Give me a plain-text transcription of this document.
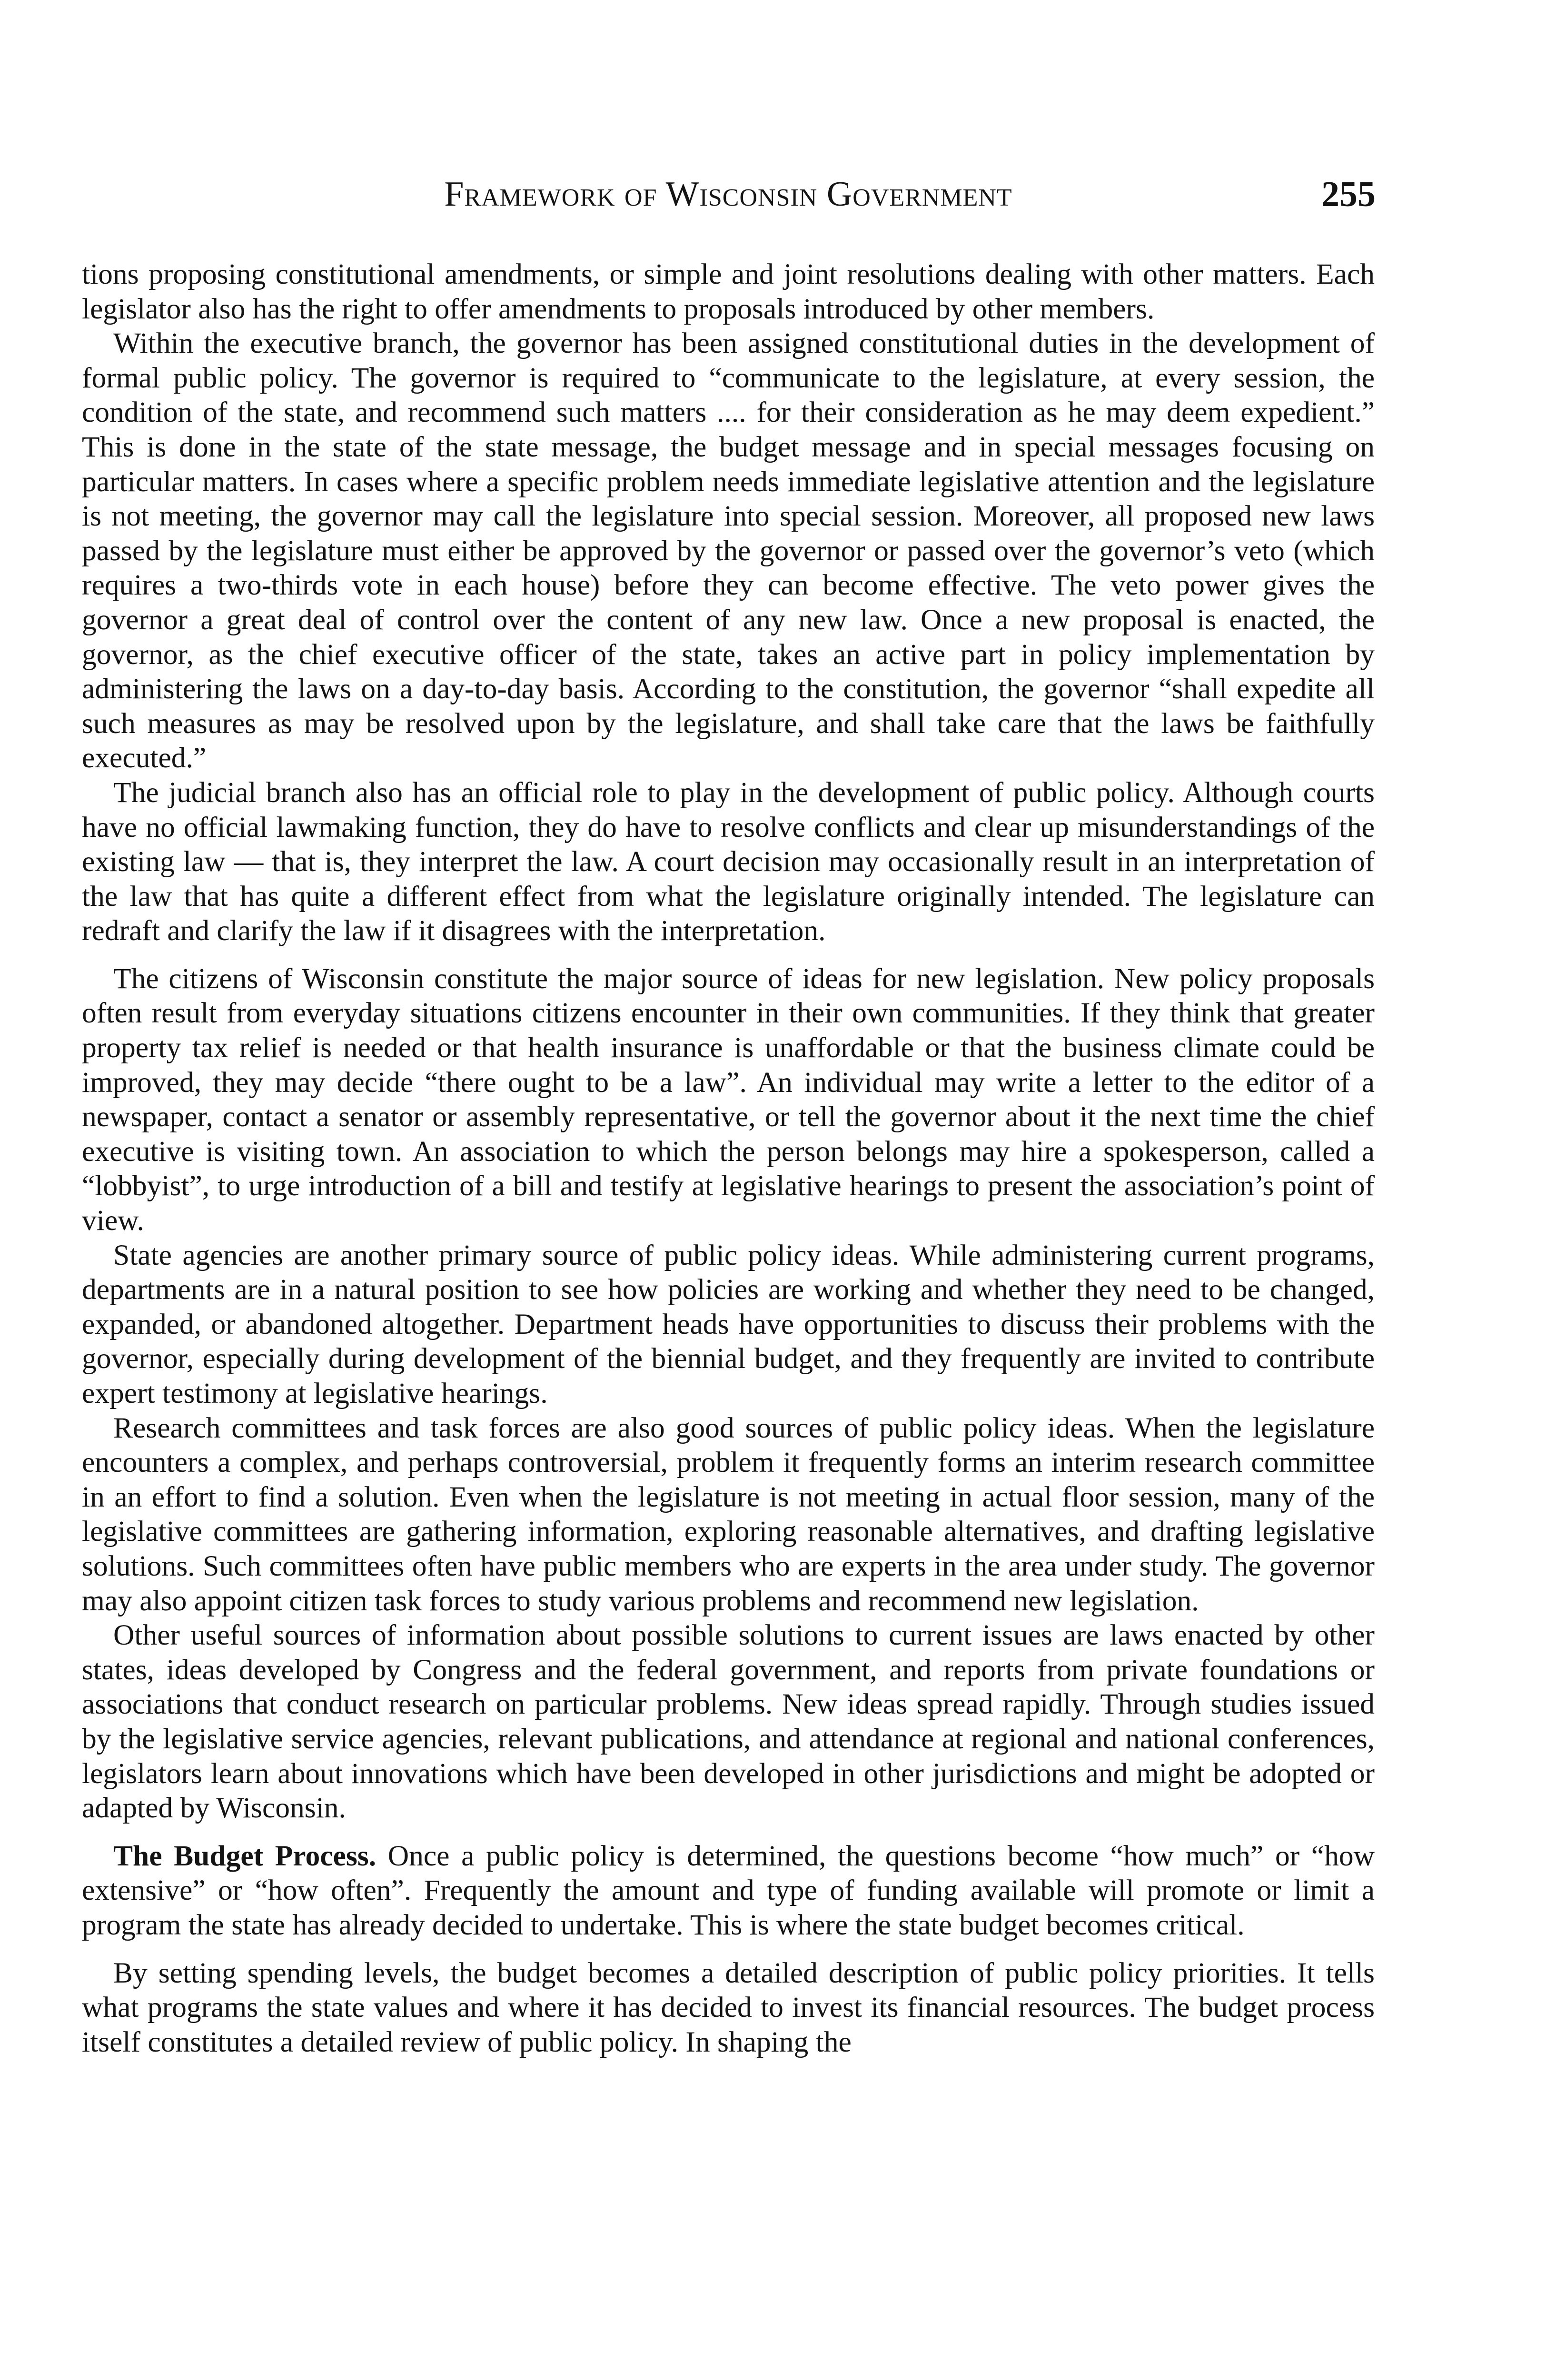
Framework of Wisconsin Government	255

tions proposing constitutional amendments, or simple and joint resolutions dealing with other matters. Each legislator also has the right to offer amendments to proposals introduced by other members.

Within the executive branch, the governor has been assigned constitutional duties in the development of formal public policy. The governor is required to “communicate to the legislature, at every session, the condition of the state, and recommend such matters .... for their consideration as he may deem expedient.” This is done in the state of the state message, the budget message and in special messages focusing on particular matters. In cases where a specific problem needs immediate legislative attention and the legislature is not meeting, the governor may call the legislature into special session. Moreover, all proposed new laws passed by the legislature must either be approved by the governor or passed over the governor’s veto (which requires a two-thirds vote in each house) before they can become effective. The veto power gives the governor a great deal of control over the content of any new law. Once a new proposal is enacted, the governor, as the chief executive officer of the state, takes an active part in policy implementation by administering the laws on a day-to-day basis. According to the constitution, the governor “shall expedite all such measures as may be resolved upon by the legislature, and shall take care that the laws be faithfully executed.”

The judicial branch also has an official role to play in the development of public policy. Although courts have no official lawmaking function, they do have to resolve conflicts and clear up misunderstandings of the existing law — that is, they interpret the law. A court decision may occasionally result in an interpretation of the law that has quite a different effect from what the legislature originally intended. The legislature can redraft and clarify the law if it disagrees with the interpretation.

The citizens of Wisconsin constitute the major source of ideas for new legislation. New policy proposals often result from everyday situations citizens encounter in their own communities. If they think that greater property tax relief is needed or that health insurance is unaffordable or that the business climate could be improved, they may decide “there ought to be a law”. An individual may write a letter to the editor of a newspaper, contact a senator or assembly representative, or tell the governor about it the next time the chief executive is visiting town. An association to which the person belongs may hire a spokesperson, called a “lobbyist”, to urge introduction of a bill and testify at legislative hearings to present the association’s point of view.

State agencies are another primary source of public policy ideas. While administering current programs, departments are in a natural position to see how policies are working and whether they need to be changed, expanded, or abandoned altogether. Department heads have opportunities to discuss their problems with the governor, especially during development of the biennial budget, and they frequently are invited to contribute expert testimony at legislative hearings.

Research committees and task forces are also good sources of public policy ideas. When the legislature encounters a complex, and perhaps controversial, problem it frequently forms an interim research committee in an effort to find a solution. Even when the legislature is not meeting in actual floor session, many of the legislative committees are gathering information, exploring reasonable alternatives, and drafting legislative solutions. Such committees often have public members who are experts in the area under study. The governor may also appoint citizen task forces to study various problems and recommend new legislation.

Other useful sources of information about possible solutions to current issues are laws enacted by other states, ideas developed by Congress and the federal government, and reports from private foundations or associations that conduct research on particular problems. New ideas spread rapidly. Through studies issued by the legislative service agencies, relevant publications, and attendance at regional and national conferences, legislators learn about innovations which have been developed in other jurisdictions and might be adopted or adapted by Wisconsin.

The Budget Process. Once a public policy is determined, the questions become “how much” or “how extensive” or “how often”. Frequently the amount and type of funding available will promote or limit a program the state has already decided to undertake. This is where the state budget becomes critical.

By setting spending levels, the budget becomes a detailed description of public policy priorities. It tells what programs the state values and where it has decided to invest its financial resources. The budget process itself constitutes a detailed review of public policy. In shaping the
